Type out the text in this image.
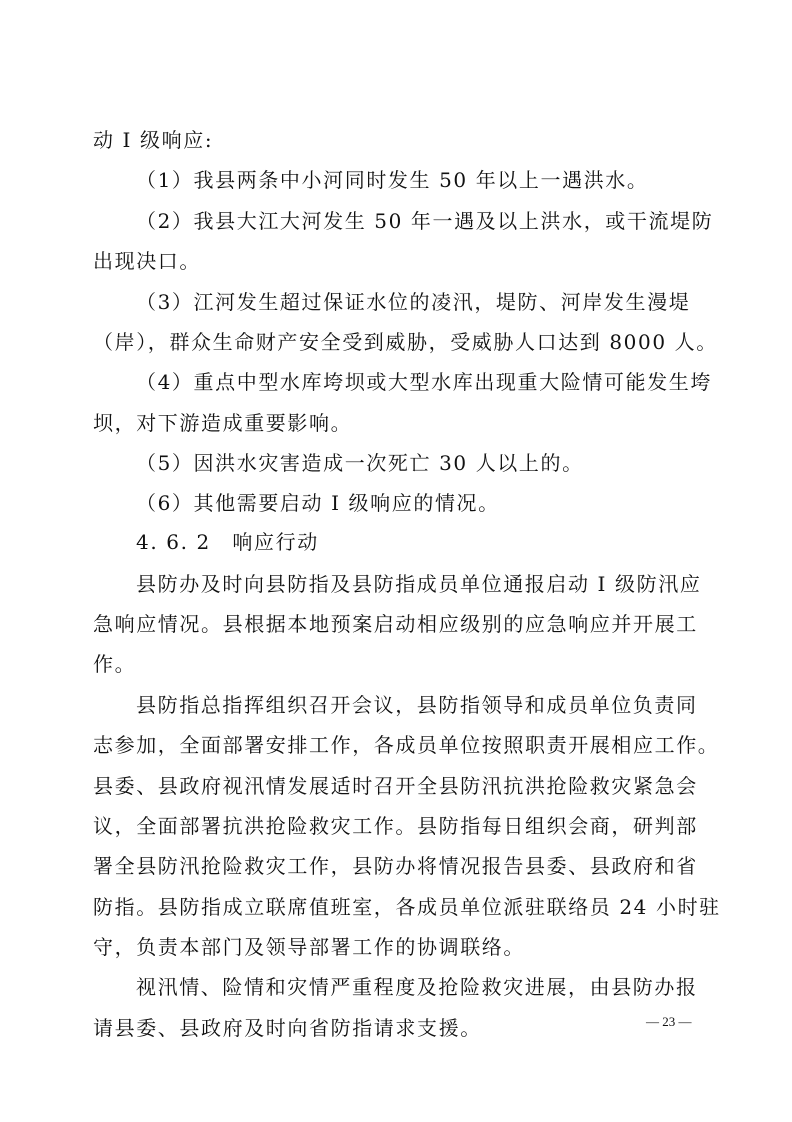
动 I 级响应:
（1）我县两条中小河同时发生 50 年以上一遇洪水。
（2）我县大江大河发生 50 年一遇及以上洪水，或干流堤防
出现决口。
（3）江河发生超过保证水位的凌汛，堤防、河岸发生漫堤
（岸），群众生命财产安全受到威胁，受威胁人口达到 8000 人。
（4）重点中型水库垮坝或大型水库出现重大险情可能发生垮
坝，对下游造成重要影响。
（5）因洪水灾害造成一次死亡 30 人以上的。
（6）其他需要启动 I 级响应的情况。
4. 6. 2　响应行动
县防办及时向县防指及县防指成员单位通报启动 I 级防汛应
急响应情况。县根据本地预案启动相应级别的应急响应并开展工
作。
县防指总指挥组织召开会议，县防指领导和成员单位负责同
志参加，全面部署安排工作，各成员单位按照职责开展相应工作。
县委、县政府视汛情发展适时召开全县防汛抗洪抢险救灾紧急会
议，全面部署抗洪抢险救灾工作。县防指每日组织会商，研判部
署全县防汛抢险救灾工作，县防办将情况报告县委、县政府和省
防指。县防指成立联席值班室，各成员单位派驻联络员 24 小时驻
守，负责本部门及领导部署工作的协调联络。
视汛情、险情和灾情严重程度及抢险救灾进展，由县防办报
请县委、县政府及时向省防指请求支援。	— 23 —
